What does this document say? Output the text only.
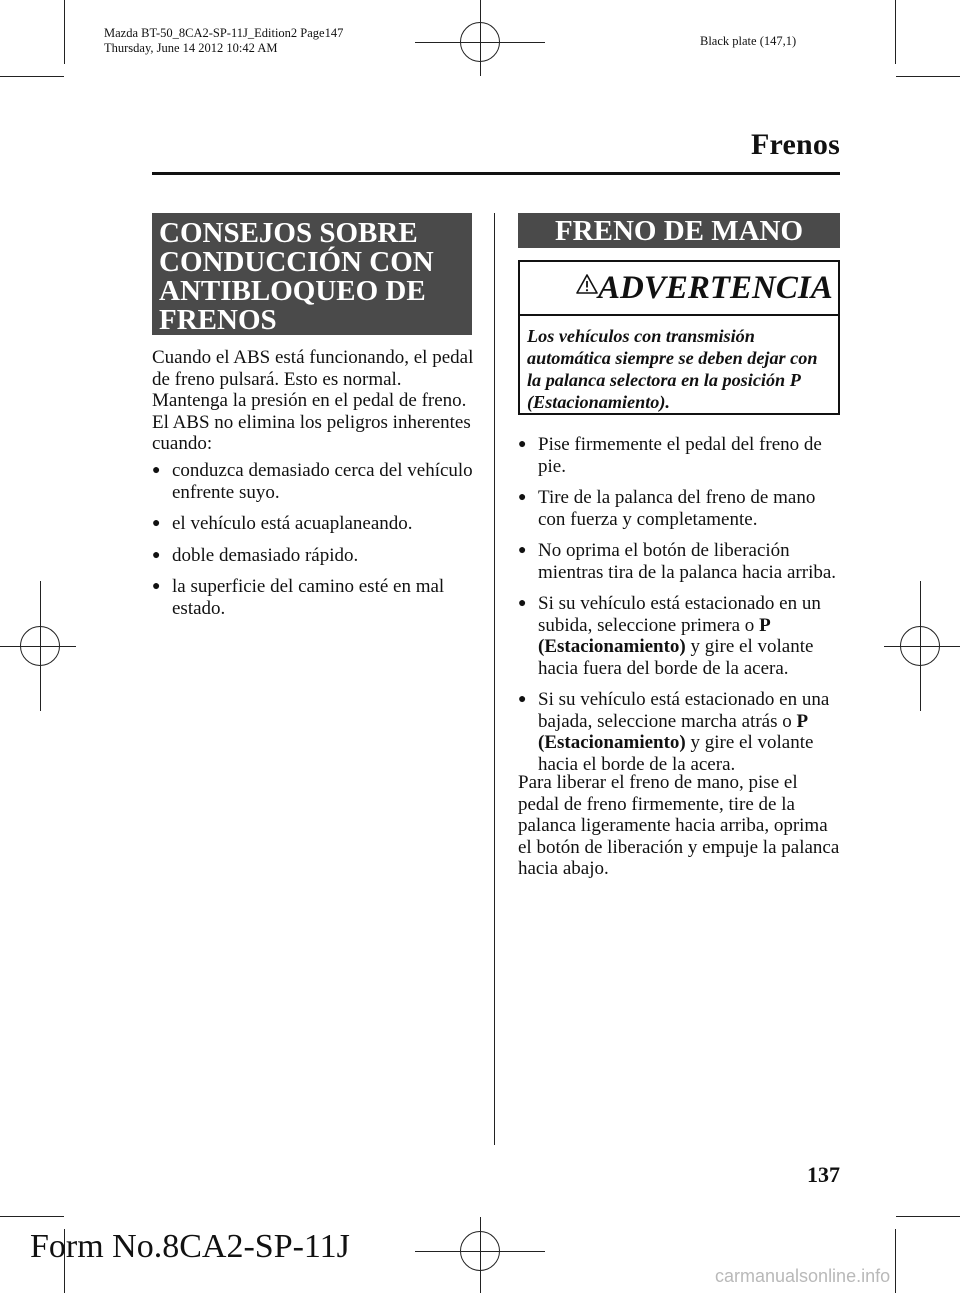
Mazda BT-50_8CA2-SP-11J_Edition2 Page147
Thursday, June 14 2012 10:42 AM	Black plate (147,1)
Frenos
CONSEJOS SOBRE
CONDUCCIÓN CON
ANTIBLOQUEO DE
FRENOS
Cuando el ABS está funcionando, el pedal
de freno pulsará. Esto es normal.
Mantenga la presión en el pedal de freno.
El ABS no elimina los peligros inherentes
cuando:
● conduzca demasiado cerca del vehículo
enfrente suyo.
● el vehículo está acuaplaneando.
● doble demasiado rápido.
● la superficie del camino esté en mal
estado.
FRENO DE MANO
ADVERTENCIA
Los vehículos con transmisión
automática siempre se deben dejar con
la palanca selectora en la posición P
(Estacionamiento).
● Pise firmemente el pedal del freno de
pie.
● Tire de la palanca del freno de mano
con fuerza y completamente.
● No oprima el botón de liberación
mientras tira de la palanca hacia arriba.
● Si su vehículo está estacionado en un
subida, seleccione primera o P
(Estacionamiento) y gire el volante
hacia fuera del borde de la acera.
● Si su vehículo está estacionado en una
bajada, seleccione marcha atrás o P
(Estacionamiento) y gire el volante
hacia el borde de la acera.
Para liberar el freno de mano, pise el
pedal de freno firmemente, tire de la
palanca ligeramente hacia arriba, oprima
el botón de liberación y empuje la palanca
hacia abajo.
137
Form No.8CA2-SP-11J
carmanualsonline.info
